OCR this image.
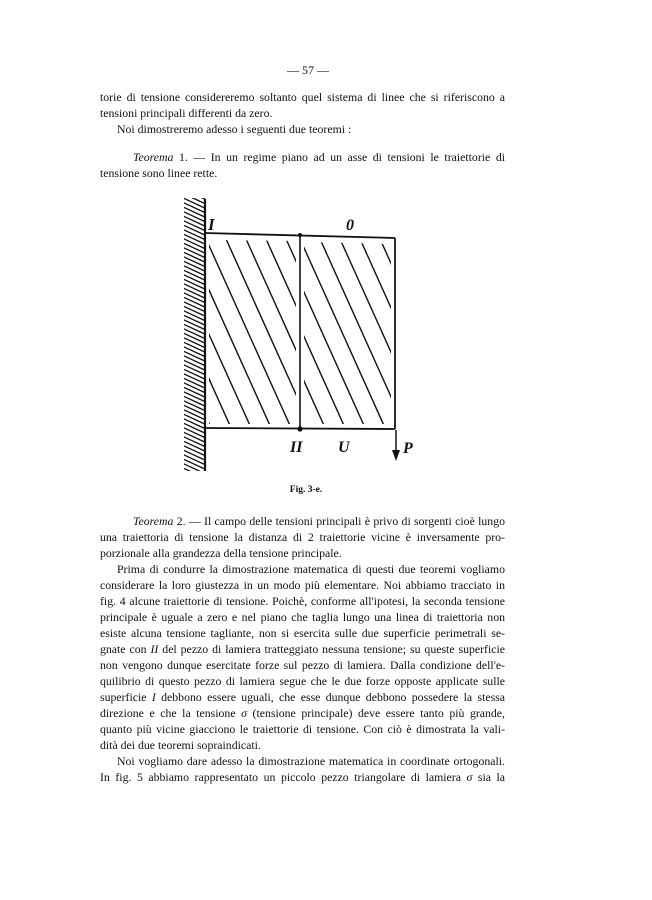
— 57 —
torie di tensione considereremo soltanto quel sistema di linee che si riferiscono a
tensioni principali differenti da zero.
Noi dimostreremo adesso i seguenti due teoremi :
Teorema 1. — In un regime piano ad un asse di tensioni le traiettorie di
tensione sono linee rette.
I	0
II U	P
Fig. 3-e.
Teorema 2. — Il campo delle tensioni principali è privo di sorgenti cioè lungo
una traiettoria di tensione la distanza di 2 traiettorie vicine è inversamente pro-
porzionale alla grandezza della tensione principale.
Prima di condurre la dimostrazione matematica di questi due teoremi vogliamo
considerare la loro giustezza in un modo più elementare. Noi abbiamo tracciato in
fig. 4 alcune traiettorie di tensione. Poichè, conforme all'ipotesi, la seconda tensione
principale è uguale a zero e nel piano che taglia lungo una linea di traiettoria non
esiste alcuna tensione tagliante, non si esercita sulle due superficie perimetrali se-
gnate con II del pezzo di lamiera tratteggiato nessuna tensione; su queste superficie
non vengono dunque esercitate forze sul pezzo di lamiera. Dalla condizione dell'e-
quilibrio di questo pezzo di lamiera segue che le due forze opposte applicate sulle
superficie I debbono essere uguali, che esse dunque debbono possedere la stessa
direzione e che la tensione σ (tensione principale) deve essere tanto più grande,
quanto più vicine giacciono le traiettorie di tensione. Con ciò è dimostrata la vali-
dità dei due teoremi sopraindicati.
Noi vogliamo dare adesso la dimostrazione matematica in coordinate ortogonali.
In fig. 5 abbiamo rappresentato un piccolo pezzo triangolare di lamiera σ sia la
